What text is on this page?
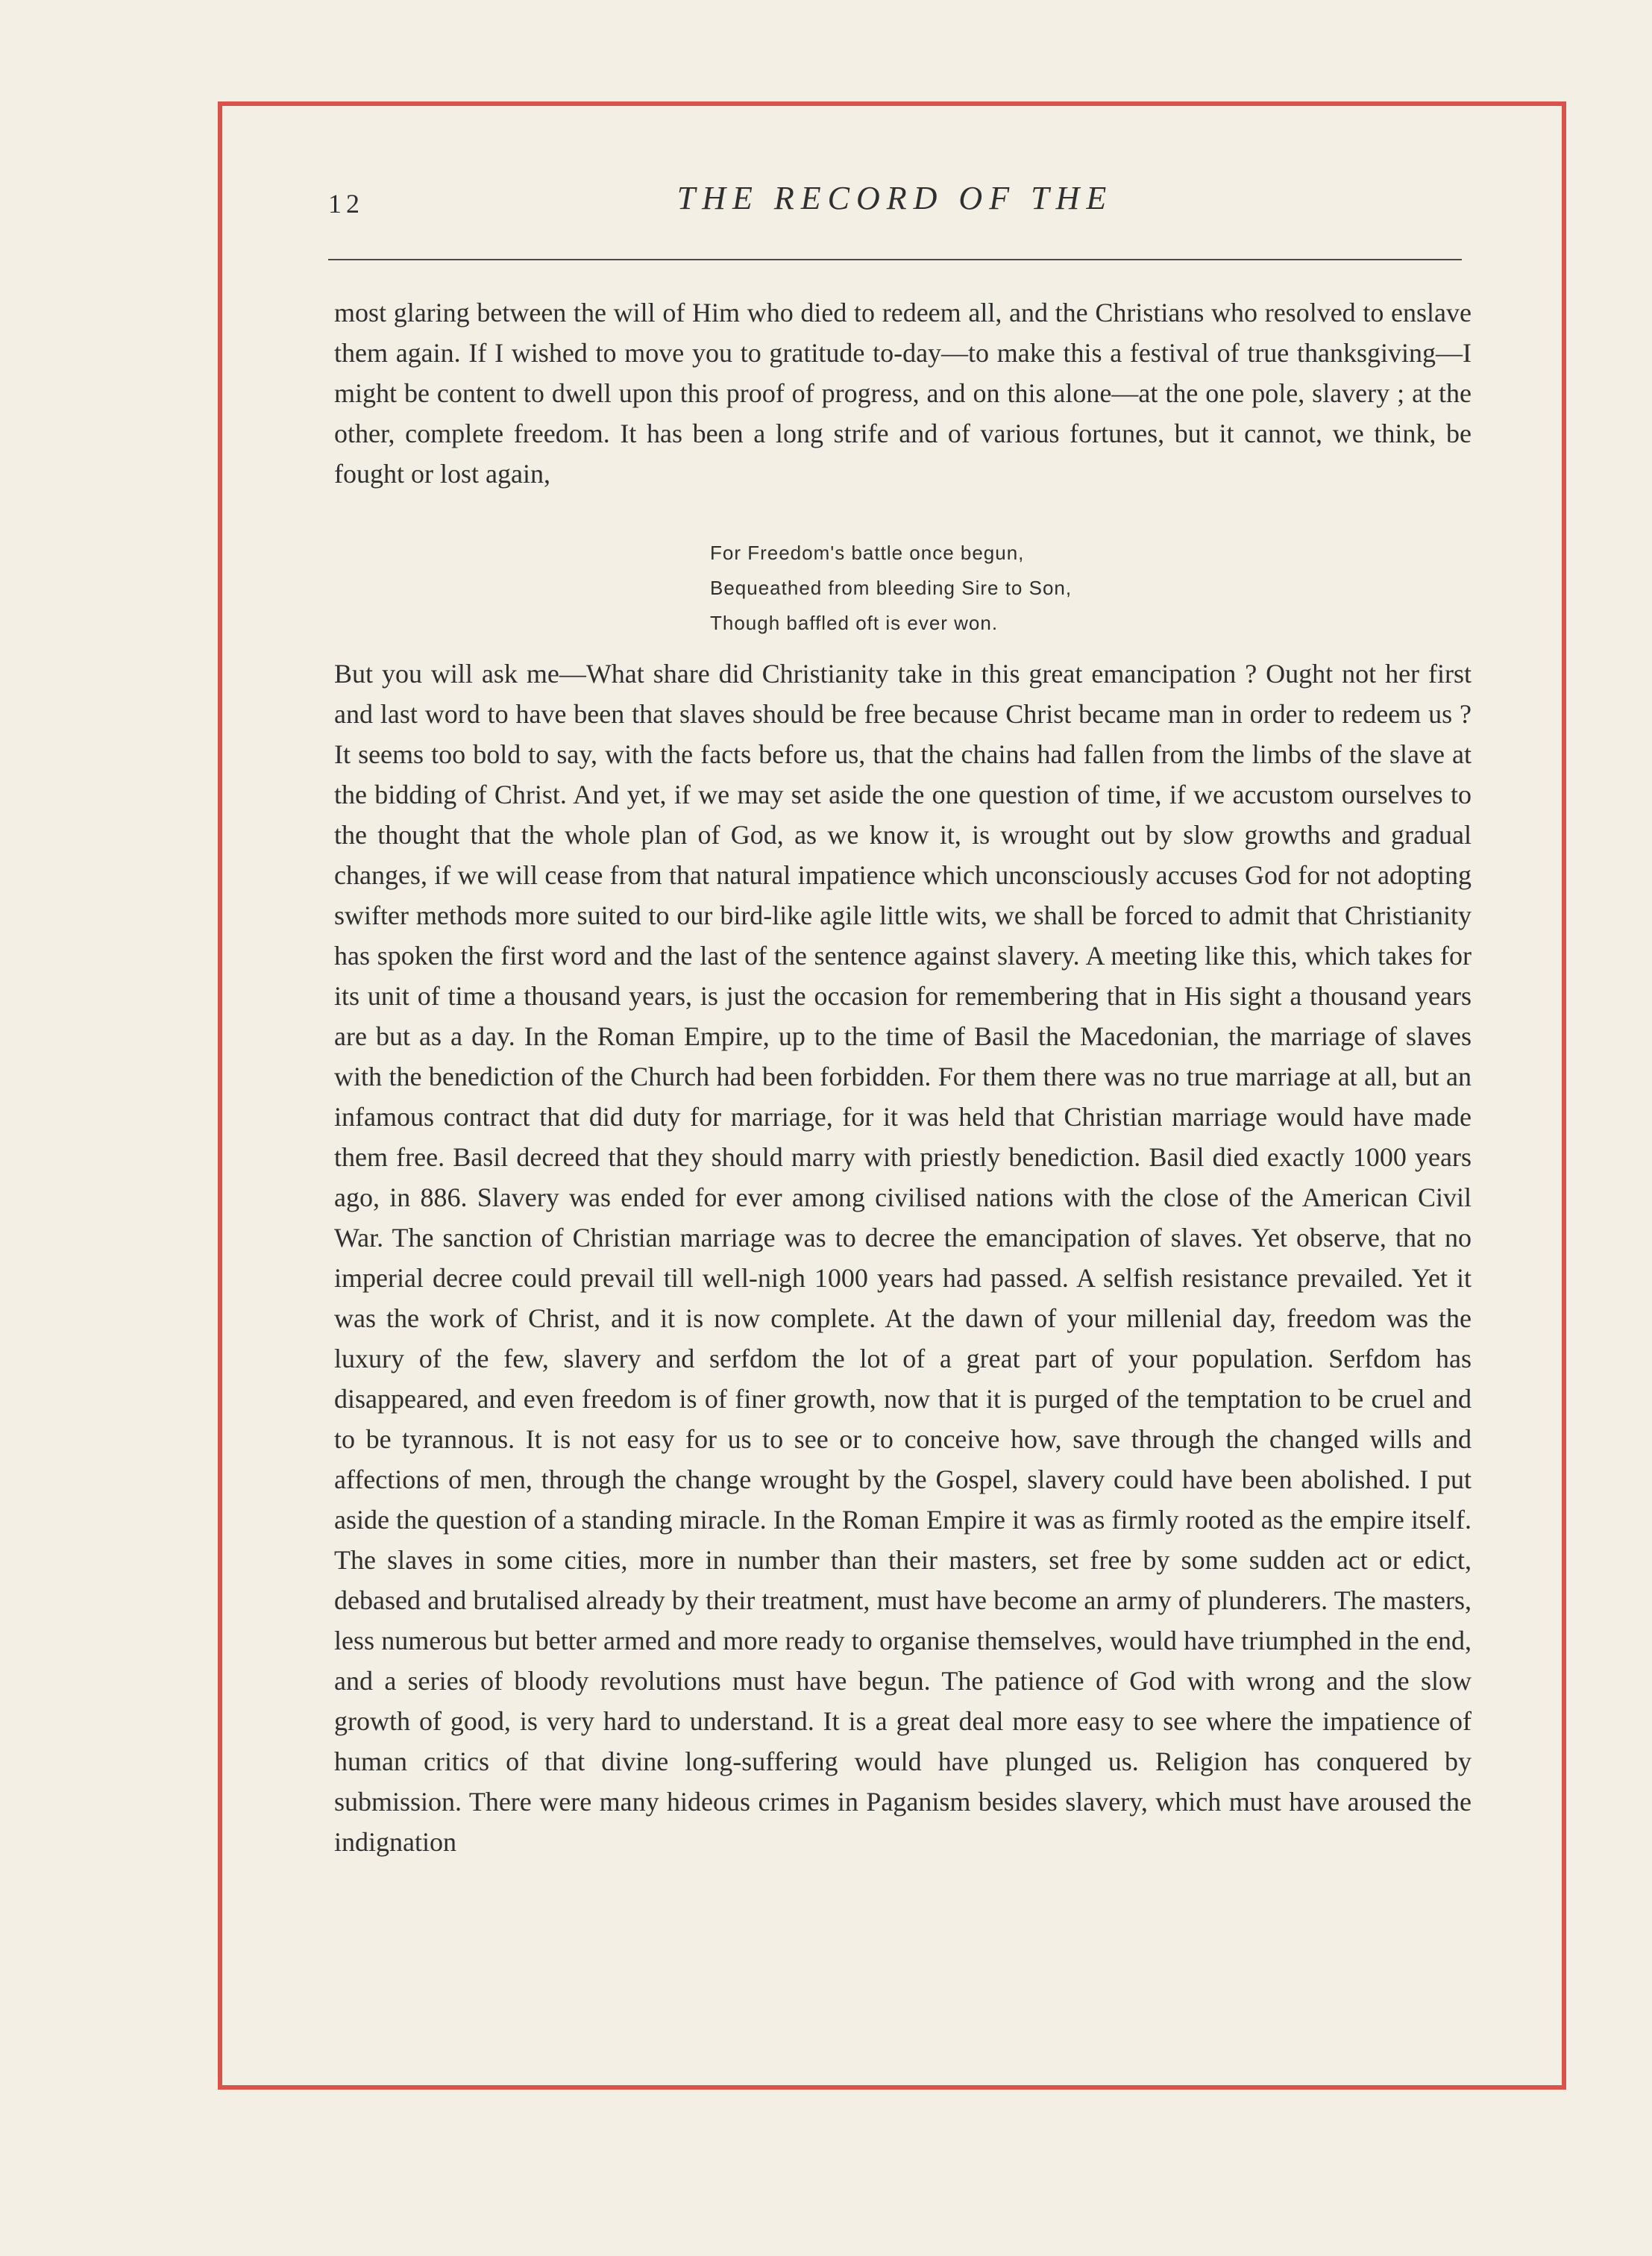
12	THE RECORD OF THE

most glaring between the will of Him who died to redeem all, and the Christians who resolved to enslave them again. If I wished to move you to gratitude to-day—to make this a festival of true thanksgiving—I might be content to dwell upon this proof of progress, and on this alone—at the one pole, slavery ; at the other, complete freedom. It has been a long strife and of various fortunes, but it cannot, we think, be fought or lost again,

For Freedom's battle once begun,
Bequeathed from bleeding Sire to Son,
Though baffled oft is ever won.

But you will ask me—What share did Christianity take in this great emancipation ? Ought not her first and last word to have been that slaves should be free because Christ became man in order to redeem us ? It seems too bold to say, with the facts before us, that the chains had fallen from the limbs of the slave at the bidding of Christ. And yet, if we may set aside the one question of time, if we accustom ourselves to the thought that the whole plan of God, as we know it, is wrought out by slow growths and gradual changes, if we will cease from that natural impatience which unconsciously accuses God for not adopting swifter methods more suited to our bird-like agile little wits, we shall be forced to admit that Christianity has spoken the first word and the last of the sentence against slavery. A meeting like this, which takes for its unit of time a thousand years, is just the occasion for remembering that in His sight a thousand years are but as a day. In the Roman Empire, up to the time of Basil the Macedonian, the marriage of slaves with the benediction of the Church had been forbidden. For them there was no true marriage at all, but an infamous contract that did duty for marriage, for it was held that Christian marriage would have made them free. Basil decreed that they should marry with priestly benediction. Basil died exactly 1000 years ago, in 886. Slavery was ended for ever among civilised nations with the close of the American Civil War. The sanction of Christian marriage was to decree the emancipation of slaves. Yet observe, that no imperial decree could prevail till well-nigh 1000 years had passed. A selfish resistance prevailed. Yet it was the work of Christ, and it is now complete. At the dawn of your millenial day, freedom was the luxury of the few, slavery and serfdom the lot of a great part of your population. Serfdom has disappeared, and even freedom is of finer growth, now that it is purged of the temptation to be cruel and to be tyrannous. It is not easy for us to see or to conceive how, save through the changed wills and affections of men, through the change wrought by the Gospel, slavery could have been abolished. I put aside the question of a standing miracle. In the Roman Empire it was as firmly rooted as the empire itself. The slaves in some cities, more in number than their masters, set free by some sudden act or edict, debased and brutalised already by their treatment, must have become an army of plunderers. The masters, less numerous but better armed and more ready to organise themselves, would have triumphed in the end, and a series of bloody revolutions must have begun. The patience of God with wrong and the slow growth of good, is very hard to understand. It is a great deal more easy to see where the impatience of human critics of that divine long-suffering would have plunged us. Religion has conquered by submission. There were many hideous crimes in Paganism besides slavery, which must have aroused the indignation
